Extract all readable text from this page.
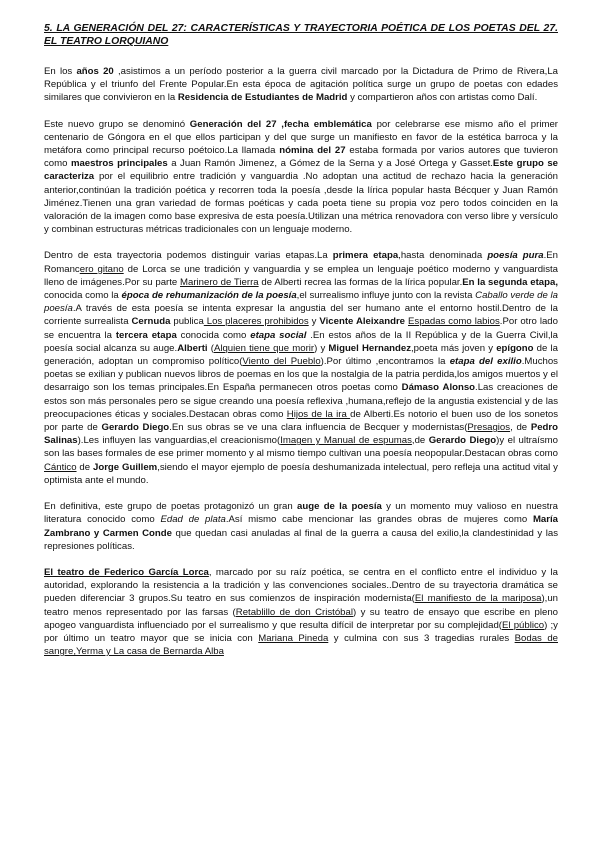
5. LA GENERACIÓN DEL 27: CARACTERÍSTICAS Y TRAYECTORIA POÉTICA DE LOS POETAS DEL 27. EL TEATRO LORQUIANO

En los años 20 ,asistimos a un período posterior a la guerra civil marcado por la Dictadura de Primo de Rivera,La República y el triunfo del Frente Popular.En esta época de agitación política surge un grupo de poetas con edades similares que convivieron en la Residencia de Estudiantes de Madrid y compartieron años con artistas como Dalí.

Este nuevo grupo se denominó Generación del 27 ,fecha emblemática por celebrarse ese mismo año el primer centenario de Góngora en el que ellos participan y del que surge un manifiesto en favor de la estética barroca y la metáfora como principal recurso poétoico.La llamada nómina del 27 estaba formada por varios autores que tuvieron como maestros principales a Juan Ramón Jimenez, a Gómez de la Serna y a José Ortega y Gasset.Este grupo se caracteriza por el equilibrio entre tradición y vanguardia .No adoptan una actitud de rechazo hacia la generación anterior,continúan la tradición poética y recorren toda la poesía ,desde la lírica popular hasta Bécquer y Juan Ramón Jiménez.Tienen una gran variedad de formas poéticas y cada poeta tiene su propia voz pero todos coinciden en la valoración de la imagen como base expresiva de esta poesía.Utilizan una métrica renovadora con verso libre y versículo y combinan estructuras métricas tradicionales con un lenguaje moderno.

Dentro de esta trayectoria podemos distinguir varias etapas.La primera etapa,hasta denominada poesía pura.En Romancero gitano de Lorca se une tradición y vanguardia y se emplea un lenguaje poético moderno y vanguardista lleno de imágenes.Por su parte Marinero de Tierra de Alberti recrea las formas de la lírica popular.En la segunda etapa, conocida como la época de rehumanización de la poesía,el surrealismo influye junto con la revista Caballo verde de la poesía.A través de esta poesía se intenta expresar la angustia del ser humano ante el entorno hostil.Dentro de la corriente surrealista Cernuda publica Los placeres prohibidos y Vicente Aleixandre Espadas como labios.Por otro lado se encuentra la tercera etapa conocida como etapa social .En estos años de la II República y de la Guerra Civil,la poesía social alcanza su auge.Alberti (Alquien tiene que morir) y Miguel Hernandez,poeta más joven y epígono de la generación, adoptan un compromiso político(Viento del Pueblo).Por último ,encontramos la etapa del exilio.Muchos poetas se exilian y publican nuevos libros de poemas en los que la nostalgia de la patria perdida,los amigos muertos y el desarraigo son los temas principales.En España permanecen otros poetas como Dámaso Alonso.Las creaciones de estos son más personales pero se sigue creando una poesía reflexiva ,humana,reflejo de la angustia existencial y de las preocupaciones éticas y sociales.Destacan obras como Hijos de la ira de Alberti.Es notorio el buen uso de los sonetos por parte de Gerardo Diego.En sus obras se ve una clara influencia de Becquer y modernistas(Presagios, de Pedro Salinas).Les influyen las vanguardias,el creacionismo(Imagen y Manual de espumas,de Gerardo Diego)y el ultraísmo son las bases formales de ese primer momento y al mismo tiempo cultivan una poesía neopopular.Destacan obras como Cántico de Jorge Guillem,siendo el mayor ejemplo de poesía deshumanizada intelectual, pero refleja una actitud vital y optimista ante el mundo.

En definitiva, este grupo de poetas protagonizó un gran auge de la poesía y un momento muy valioso en nuestra literatura conocido como Edad de plata.Así mismo cabe mencionar las grandes obras de mujeres como María Zambrano y Carmen Conde que quedan casi anuladas al final de la guerra a causa del exilio,la clandestinidad y las represiones políticas.

El teatro de Federico García Lorca, marcado por su raíz poética, se centra en el conflicto entre el individuo y la autoridad, explorando la resistencia a la tradición y las convenciones sociales..Dentro de su trayectoria dramática se pueden diferenciar 3 grupos.Su teatro en sus comienzos de inspiración modernista(El manifiesto de la mariposa),un teatro menos representado por las farsas (Retablillo de don Cristóbal) y su teatro de ensayo que escribe en pleno apogeo vanguardista influenciado por el surrealismo y que resulta difícil de interpretar por su complejidad(El público) ;y por último un teatro mayor que se inicia con Mariana Pineda y culmina con sus 3 tragedias rurales Bodas de sangre,Yerma y La casa de Bernarda Alba
